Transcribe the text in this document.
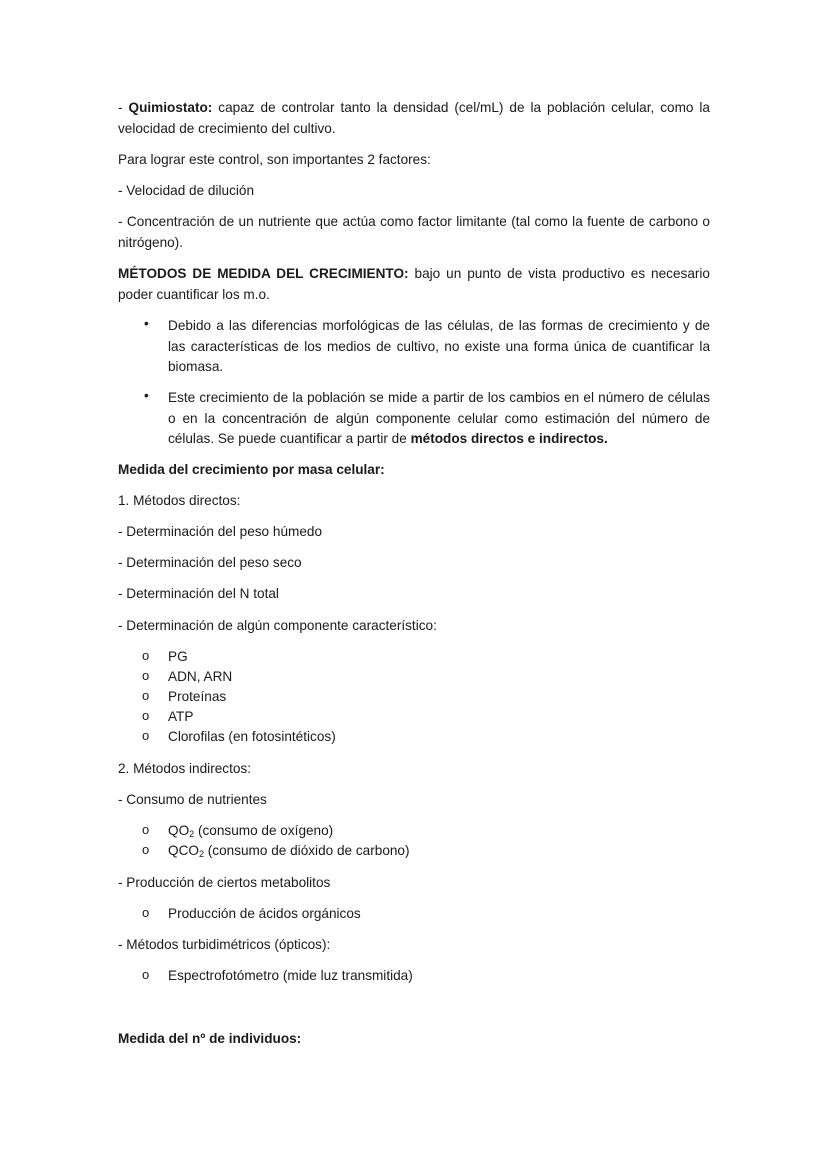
- Quimiostato: capaz de controlar tanto la densidad (cel/mL) de la población celular, como la velocidad de crecimiento del cultivo.

Para lograr este control, son importantes 2 factores:

- Velocidad de dilución

- Concentración de un nutriente que actúa como factor limitante (tal como la fuente de carbono o nitrógeno).

MÉTODOS DE MEDIDA DEL CRECIMIENTO: bajo un punto de vista productivo es necesario poder cuantificar los m.o.

• Debido a las diferencias morfológicas de las células, de las formas de crecimiento y de las características de los medios de cultivo, no existe una forma única de cuantificar la biomasa.

• Este crecimiento de la población se mide a partir de los cambios en el número de células o en la concentración de algún componente celular como estimación del número de células. Se puede cuantificar a partir de métodos directos e indirectos.

Medida del crecimiento por masa celular:

1. Métodos directos:

- Determinación del peso húmedo

- Determinación del peso seco

- Determinación del N total

- Determinación de algún componente característico:

o PG

o ADN, ARN

o Proteínas

o ATP

o Clorofilas (en fotosintéticos)

2. Métodos indirectos:

- Consumo de nutrientes

o $QO_2$ (consumo de oxígeno)

o $QCO_2$ (consumo de dióxido de carbono)

- Producción de ciertos metabolitos

o Producción de ácidos orgánicos

- Métodos turbidimétricos (ópticos):

o Espectrofotómetro (mide luz transmitida)

Medida del nº de individuos:
